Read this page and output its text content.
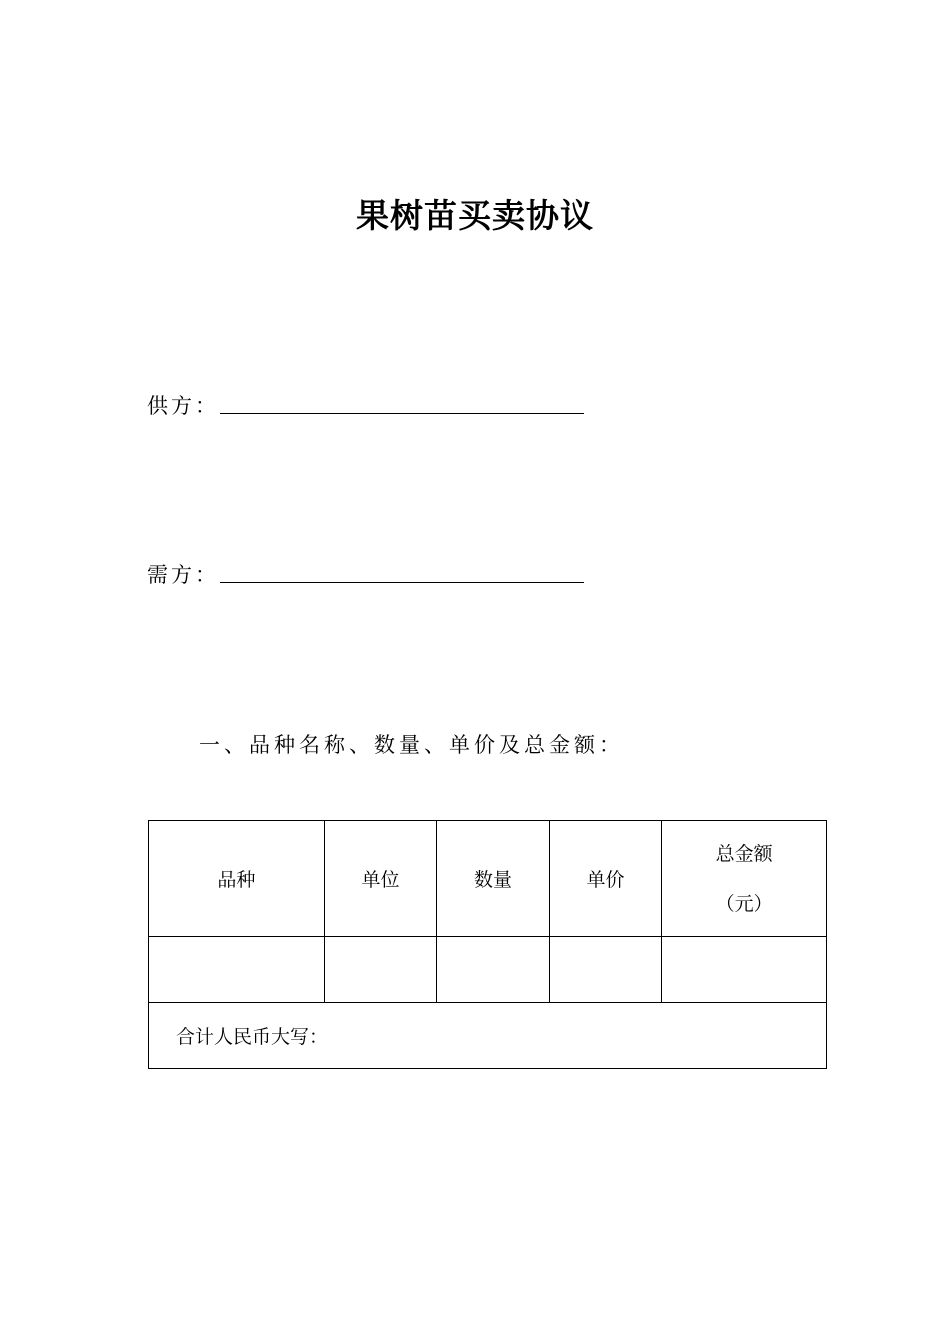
果树苗买卖协议
供方：
需方：
一、品种名称、数量、单价及总金额：
品种	单位	数量	单价	总金额
（元）

合计人民币大写：				
